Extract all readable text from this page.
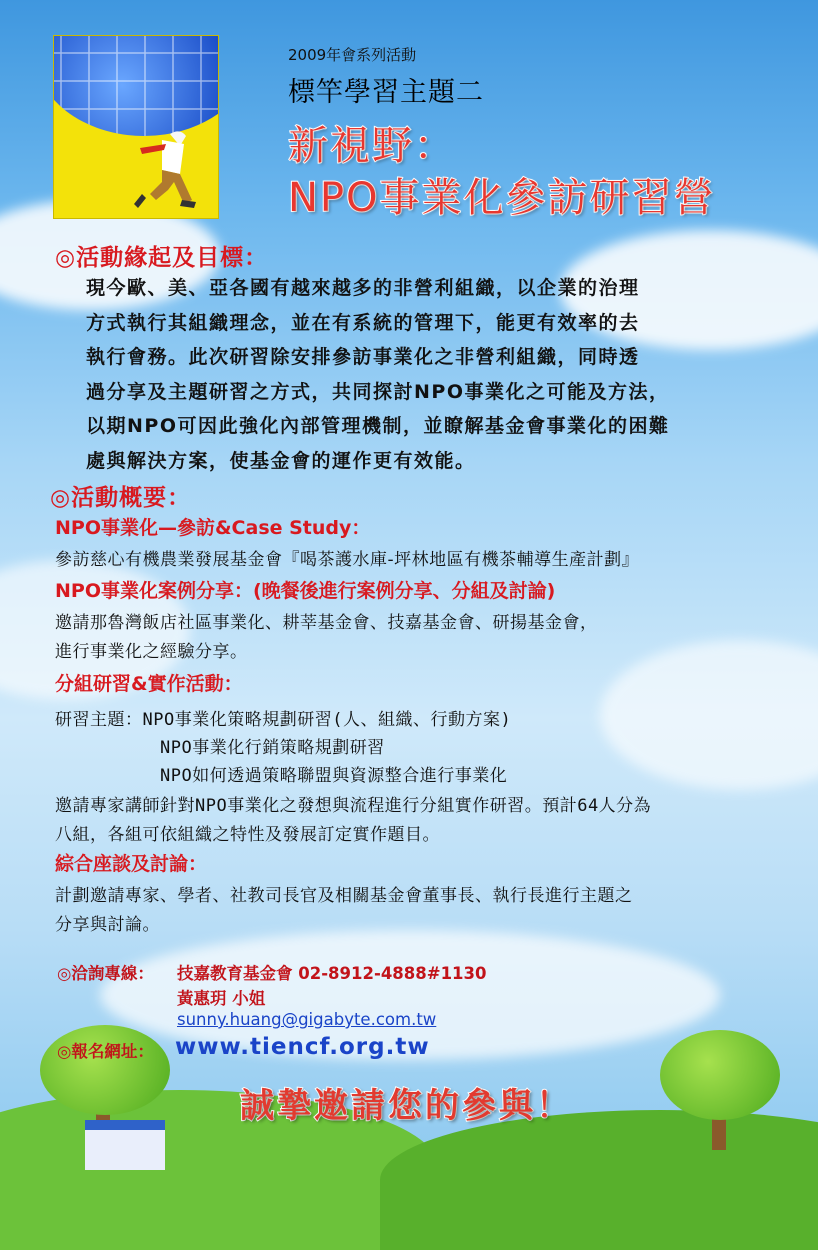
2009年會系列活動
標竿學習主題二
新視野：
NPO事業化參訪研習營
◎活動緣起及目標：
現今歐、美、亞各國有越來越多的非營利組織，以企業的治理
方式執行其組織理念，並在有系統的管理下，能更有效率的去
執行會務。此次研習除安排參訪事業化之非營利組織，同時透
過分享及主題研習之方式，共同探討NPO事業化之可能及方法，
以期NPO可因此強化內部管理機制，並瞭解基金會事業化的困難
處與解決方案，使基金會的運作更有效能。
◎活動概要：
NPO事業化—參訪&Case Study：
參訪慈心有機農業發展基金會『喝茶護水庫-坪林地區有機茶輔導生產計劃』
NPO事業化案例分享：(晚餐後進行案例分享、分組及討論)
邀請那魯灣飯店社區事業化、耕莘基金會、技嘉基金會、研揚基金會，
進行事業化之經驗分享。
分組研習&實作活動：
研習主題：NPO事業化策略規劃研習(人、組織、行動方案)
NPO事業化行銷策略規劃研習
NPO如何透過策略聯盟與資源整合進行事業化
邀請專家講師針對NPO事業化之發想與流程進行分組實作研習。預計64人分為
八組，各組可依組織之特性及發展訂定實作題目。
綜合座談及討論：
計劃邀請專家、學者、社教司長官及相關基金會董事長、執行長進行主題之
分享與討論。
◎洽詢專線： 技嘉教育基金會 02-8912-4888#1130
黃惠玥 小姐
sunny.huang@gigabyte.com.tw
◎報名網址： www.tiencf.org.tw
誠摯邀請您的參與！
